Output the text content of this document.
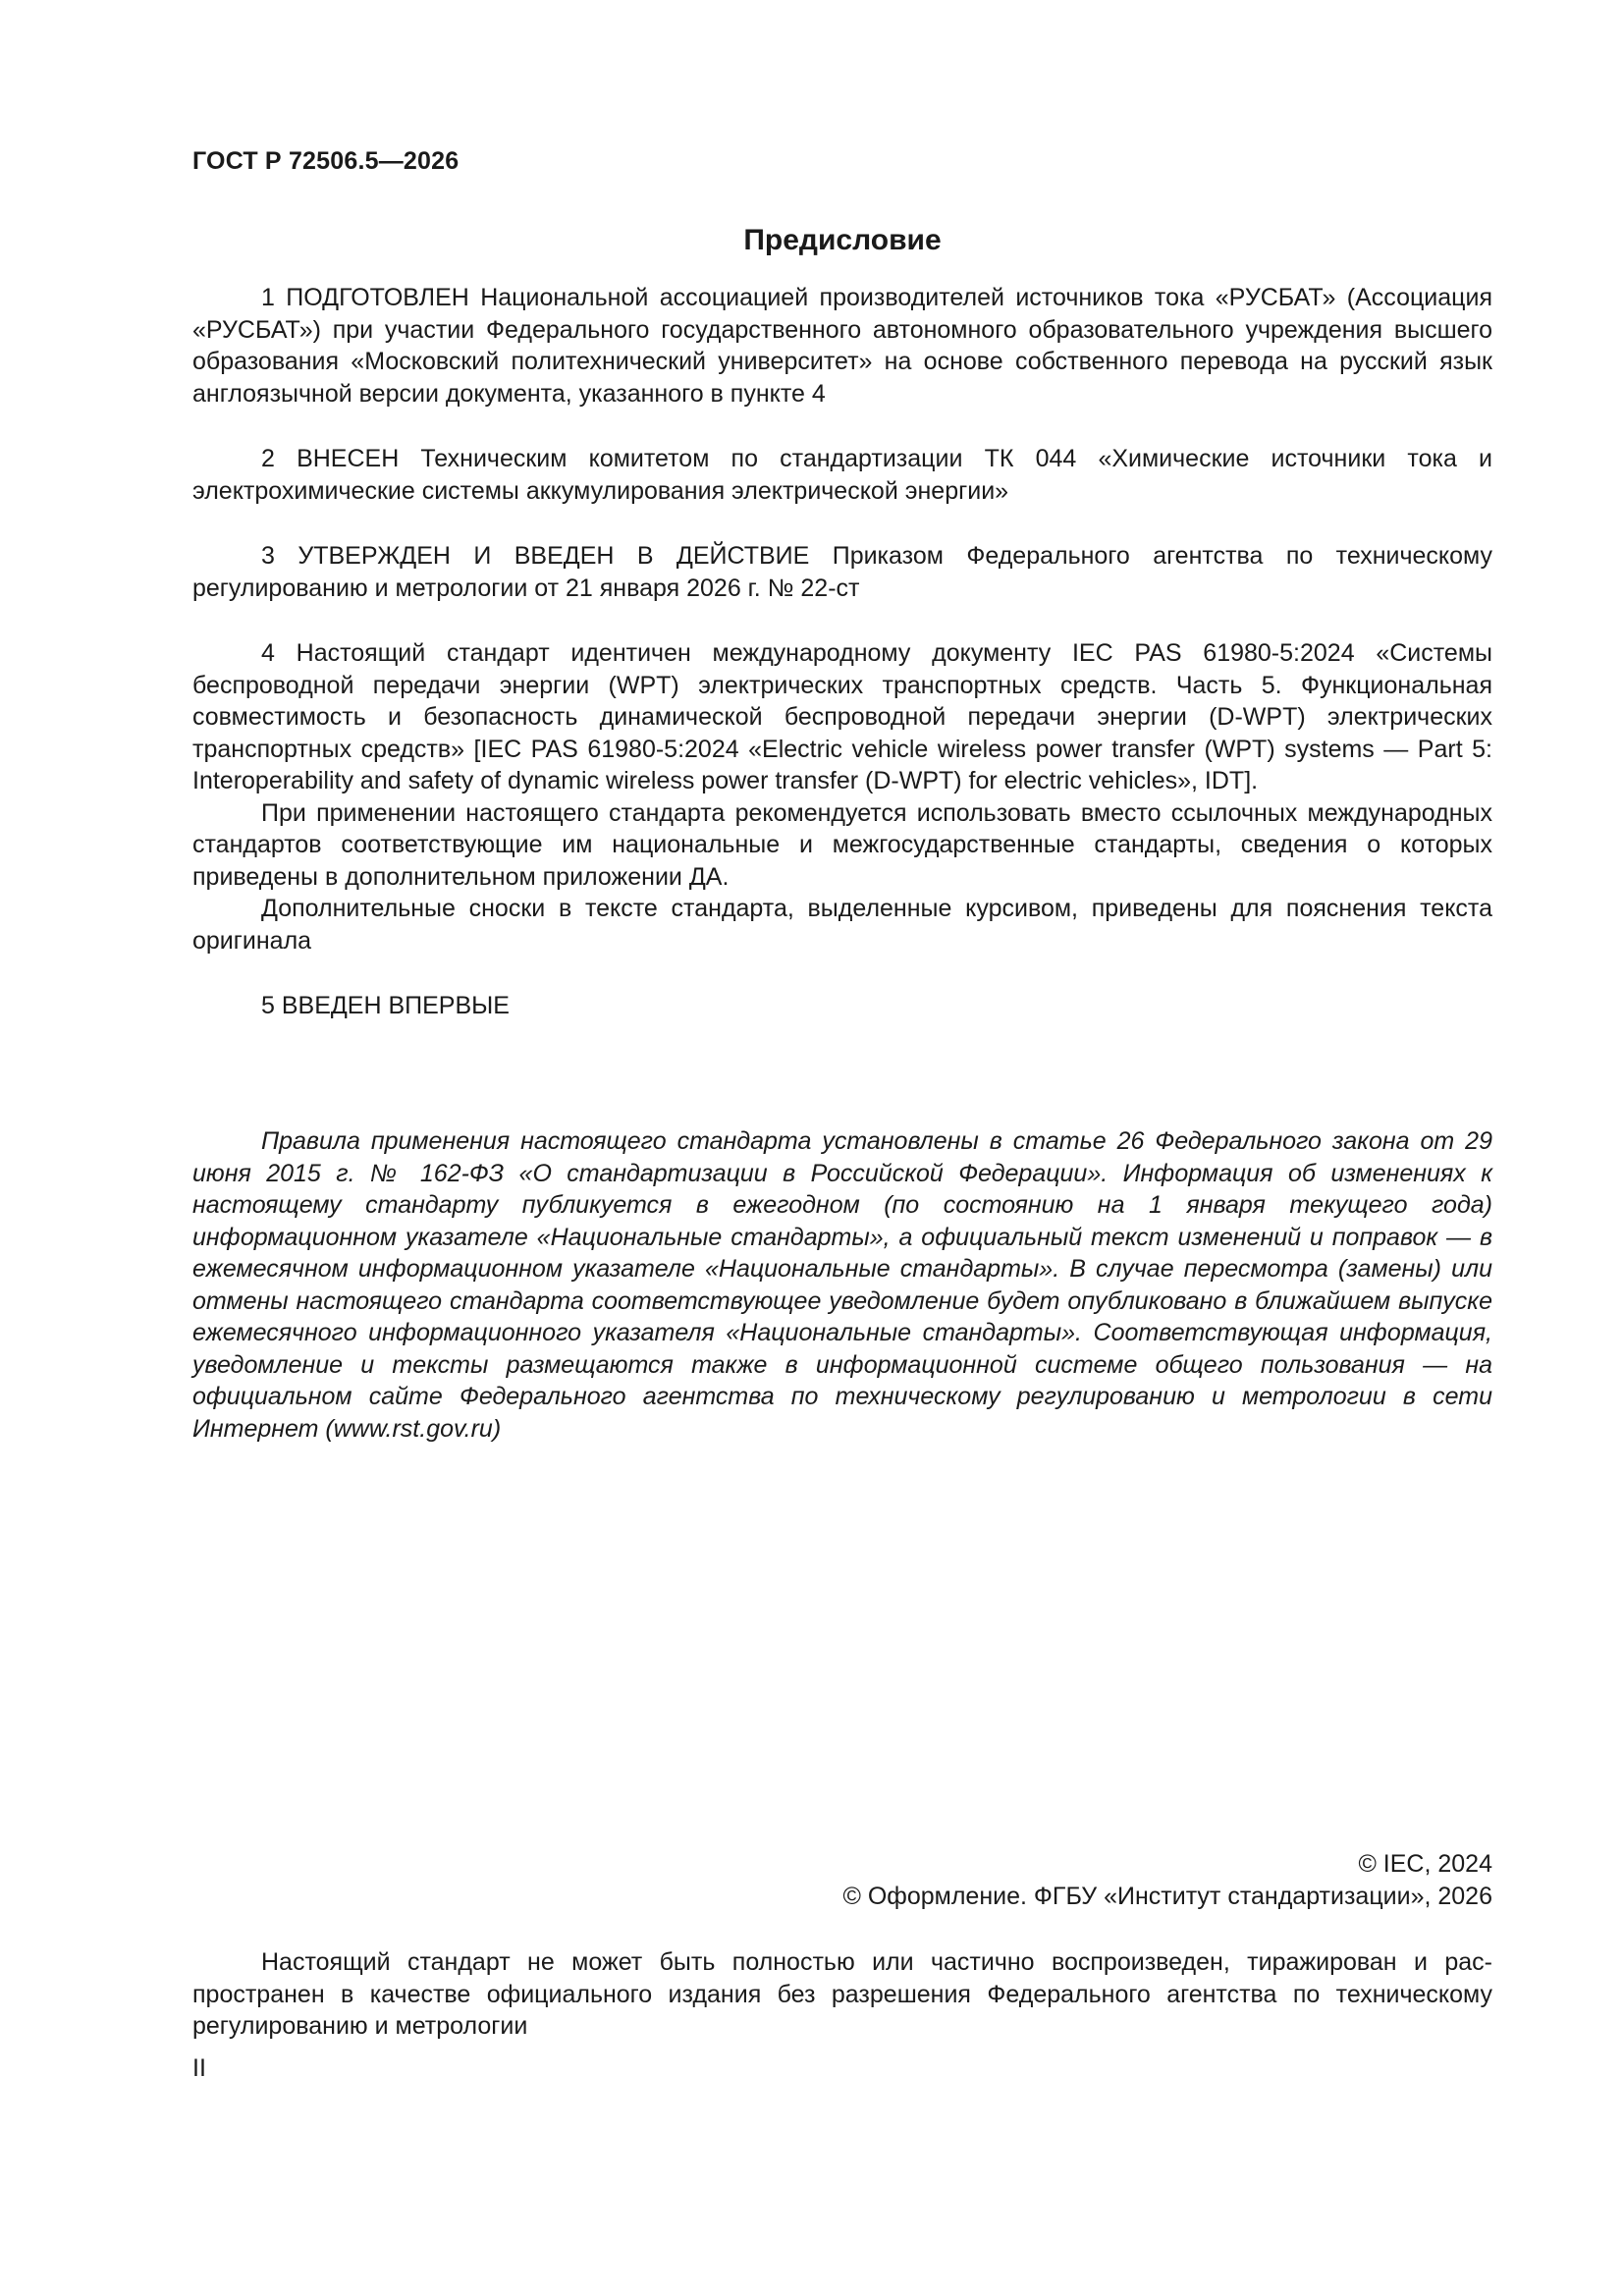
ГОСТ Р 72506.5—2026
Предисловие

1 ПОДГОТОВЛЕН Национальной ассоциацией производителей источников тока «РУСБАТ» (Ассоциация «РУСБАТ») при участии Федерального государственного автономного образовательного учреждения высшего образования «Московский политехнический университет» на основе собственного перевода на русский язык англоязычной версии документа, указанного в пункте 4

2 ВНЕСЕН Техническим комитетом по стандартизации ТК 044 «Химические источники тока и электрохимические системы аккумулирования электрической энергии»

3 УТВЕРЖДЕН И ВВЕДЕН В ДЕЙСТВИЕ Приказом Федерального агентства по техническому регулированию и метрологии от 21 января 2026 г. № 22-ст

4 Настоящий стандарт идентичен международному документу IEC PAS 61980-5:2024 «Системы беспроводной передачи энергии (WPT) электрических транспортных средств. Часть 5. Функциональная совместимость и безопасность динамической беспроводной передачи энергии (D-WPT) электрических транспортных средств» [IEC PAS 61980-5:2024 «Electric vehicle wireless power transfer (WPT) systems — Part 5: Interoperability and safety of dynamic wireless power transfer (D-WPT) for electric vehicles», IDT].

При применении настоящего стандарта рекомендуется использовать вместо ссылочных международных стандартов соответствующие им национальные и межгосударственные стандарты, сведения о которых приведены в дополнительном приложении ДА.

Дополнительные сноски в тексте стандарта, выделенные курсивом, приведены для пояснения текста оригинала

5 ВВЕДЕН ВПЕРВЫЕ

Правила применения настоящего стандарта установлены в статье 26 Федерального закона от 29 июня 2015 г. № 162-ФЗ «О стандартизации в Российской Федерации». Информация об изменениях к настоящему стандарту публикуется в ежегодном (по состоянию на 1 января текущего года) информационном указателе «Национальные стандарты», а официальный текст изменений и поправок — в ежемесячном информационном указателе «Национальные стандарты». В случае пересмотра (замены) или отмены настоящего стандарта соответствующее уведомление будет опубликовано в ближайшем выпуске ежемесячного информационного указателя «Национальные стандарты». Соответствующая информация, уведомление и тексты размещаются также в информационной системе общего пользования — на официальном сайте Федерального агентства по техническому регулированию и метрологии в сети Интернет (www.rst.gov.ru)

© IEC, 2024
© Оформление. ФГБУ «Институт стандартизации», 2026

Настоящий стандарт не может быть полностью или частично воспроизведен, тиражирован и распространен в качестве официального издания без разрешения Федерального агентства по техническому регулированию и метрологии

II
